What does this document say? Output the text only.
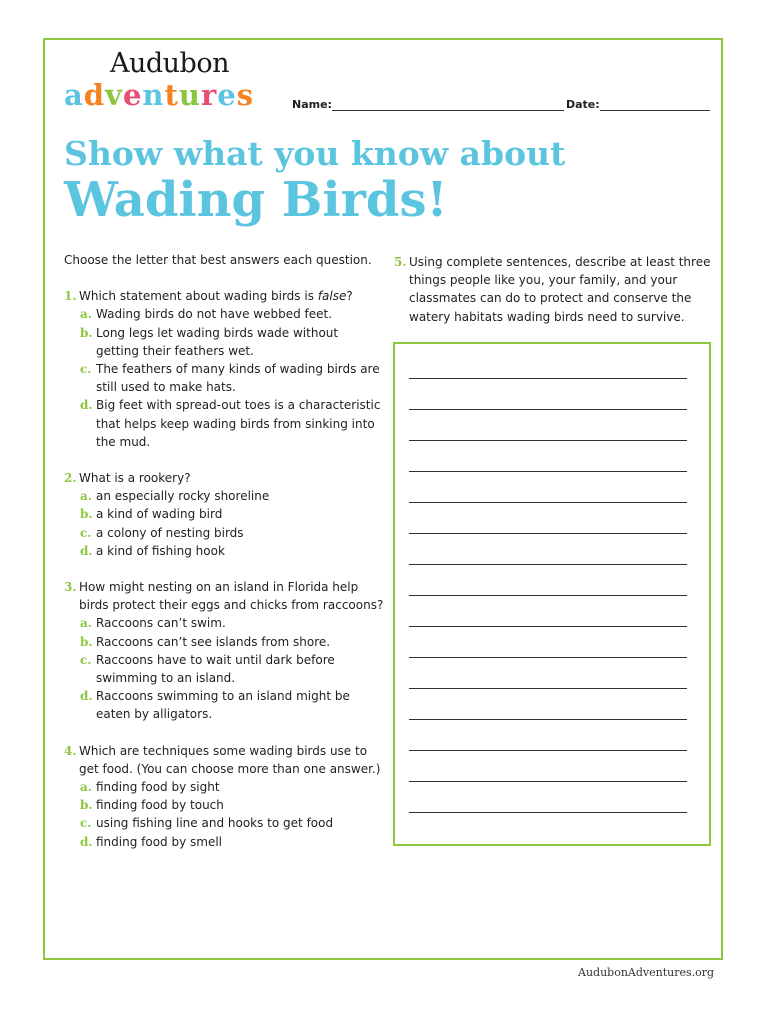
Audubon
a d v e n t u r e s	Name:	Date:
Show what you know about
Wading Birds!

Choose the letter that best answers each question.

1. Which statement about wading birds is false?
a. Wading birds do not have webbed feet.
b. Long legs let wading birds wade without getting their feathers wet.
c. The feathers of many kinds of wading birds are still used to make hats.
d. Big feet with spread-out toes is a characteristic that helps keep wading birds from sinking into the mud.
2. What is a rookery?
a. an especially rocky shoreline
b. a kind of wading bird
c. a colony of nesting birds
d. a kind of fishing hook
3. How might nesting on an island in Florida help birds protect their eggs and chicks from raccoons?
a. Raccoons can’t swim.
b. Raccoons can’t see islands from shore.
c. Raccoons have to wait until dark before swimming to an island.
d. Raccoons swimming to an island might be eaten by alligators.
4. Which are techniques some wading birds use to get food. (You can choose more than one answer.)
a. finding food by sight
b. finding food by touch
c. using fishing line and hooks to get food
d. finding food by smell
5. Using complete sentences, describe at least three things people like you, your family, and your classmates can do to protect and conserve the watery habitats wading birds need to survive.
AudubonAdventures.org
